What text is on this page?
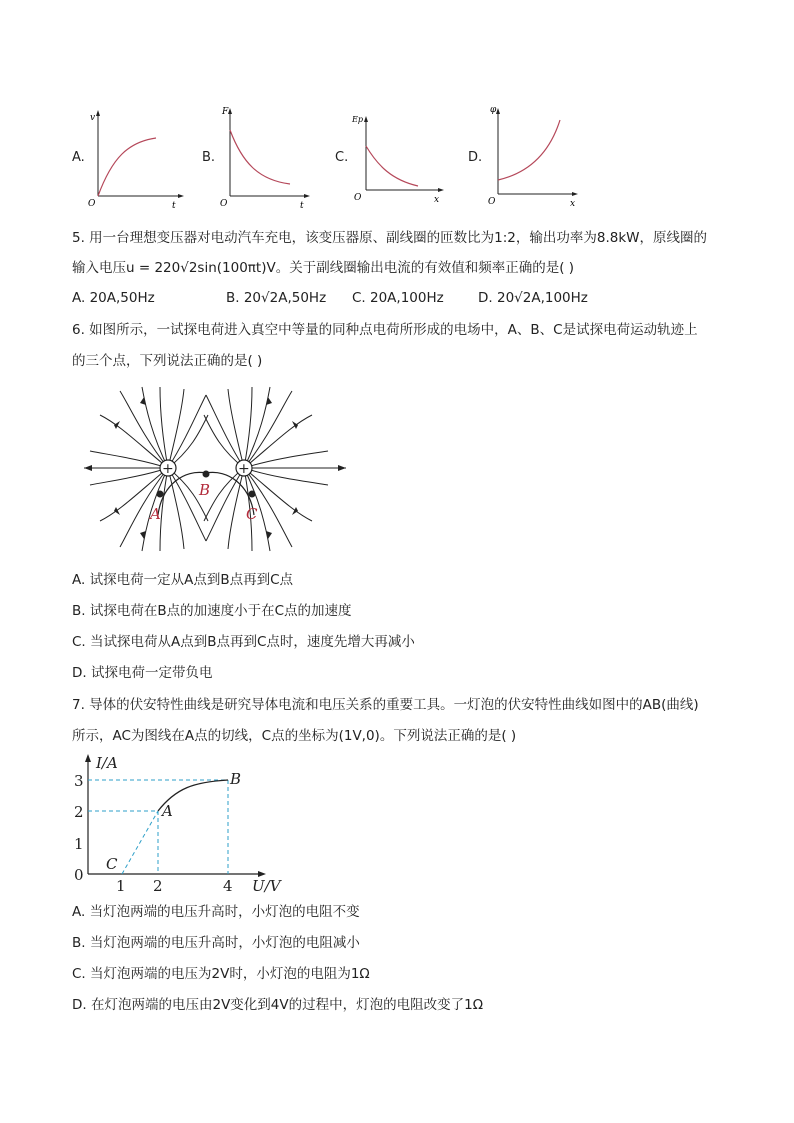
A.
v
O	t
B.
F
O	t
C.
Ep
O	x
D.
φ
O	x
5. 用一台理想变压器对电动汽车充电，该变压器原、副线圈的匝数比为1:2，输出功率为8.8kW，原线圈的
输入电压u = 220√2sin(100πt)V。关于副线圈输出电流的有效值和频率正确的是( )
A. 20A,50Hz	B. 20√2A,50Hz C. 20A,100Hz	D. 20√2A,100Hz
6. 如图所示，一试探电荷进入真空中等量的同种点电荷所形成的电场中，A、B、C是试探电荷运动轨迹上
的三个点，下列说法正确的是( )
+	+
A
B
C
A. 试探电荷一定从A点到B点再到C点
B. 试探电荷在B点的加速度小于在C点的加速度
C. 当试探电荷从A点到B点再到C点时，速度先增大再减小
D. 试探电荷一定带负电
7. 导体的伏安特性曲线是研究导体电流和电压关系的重要工具。一灯泡的伏安特性曲线如图中的AB(曲线)
所示，AC为图线在A点的切线，C点的坐标为(1V,0)。下列说法正确的是( )
0
1
2
3
1 2	4
I/A
U/V
A
B
C
A. 当灯泡两端的电压升高时，小灯泡的电阻不变
B. 当灯泡两端的电压升高时，小灯泡的电阻减小
C. 当灯泡两端的电压为2V时，小灯泡的电阻为1Ω
D. 在灯泡两端的电压由2V变化到4V的过程中，灯泡的电阻改变了1Ω
